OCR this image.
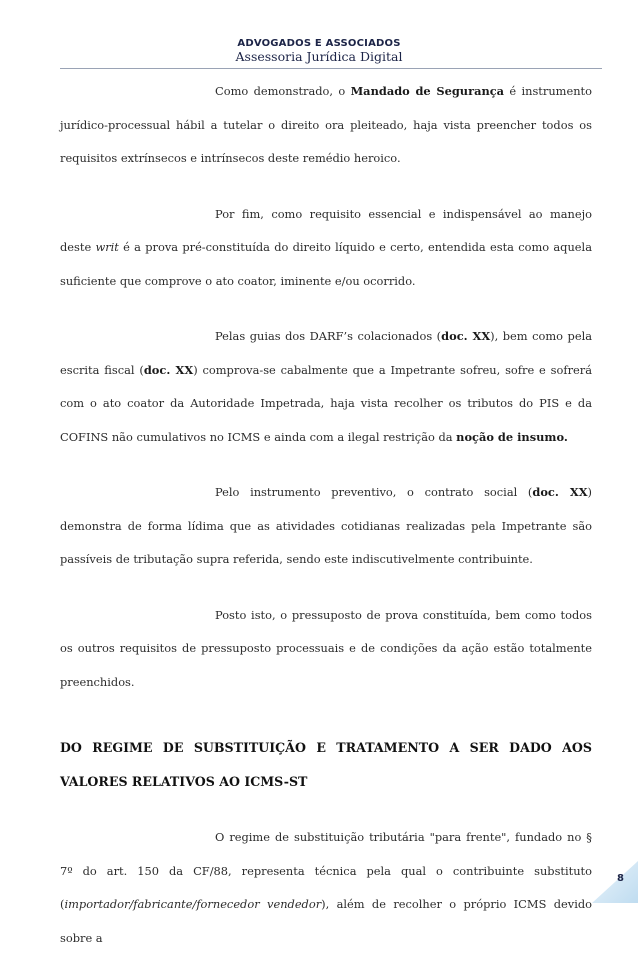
ADVOGADOS E ASSOCIADOS
Assessoria Jurídica Digital

Como demonstrado, o Mandado de Segurança é instrumento jurídico-processual hábil a tutelar o direito ora pleiteado, haja vista preencher todos os requisitos extrínsecos e intrínsecos deste remédio heroico.

Por fim, como requisito essencial e indispensável ao manejo deste writ é a prova pré-constituída do direito líquido e certo, entendida esta como aquela suficiente que comprove o ato coator, iminente e/ou ocorrido.

Pelas guias dos DARF’s colacionados (doc. XX), bem como pela escrita fiscal (doc. XX) comprova-se cabalmente que a Impetrante sofreu, sofre e sofrerá com o ato coator da Autoridade Impetrada, haja vista recolher os tributos do PIS e da COFINS não cumulativos no ICMS e ainda com a ilegal restrição da noção de insumo.

Pelo instrumento preventivo, o contrato social (doc. XX) demonstra de forma lídima que as atividades cotidianas realizadas pela Impetrante são passíveis de tributação supra referida, sendo este indiscutivelmente contribuinte.

Posto isto, o pressuposto de prova constituída, bem como todos os outros requisitos de pressuposto processuais e de condições da ação estão totalmente preenchidos.

DO REGIME DE SUBSTITUIÇÃO E TRATAMENTO A SER DADO AOS VALORES RELATIVOS AO ICMS-ST

O regime de substituição tributária "para frente", fundado no § 7º do art. 150 da CF/88, representa técnica pela qual o contribuinte substituto (importador/fabricante/fornecedor vendedor), além de recolher o próprio ICMS devido sobre a

8
